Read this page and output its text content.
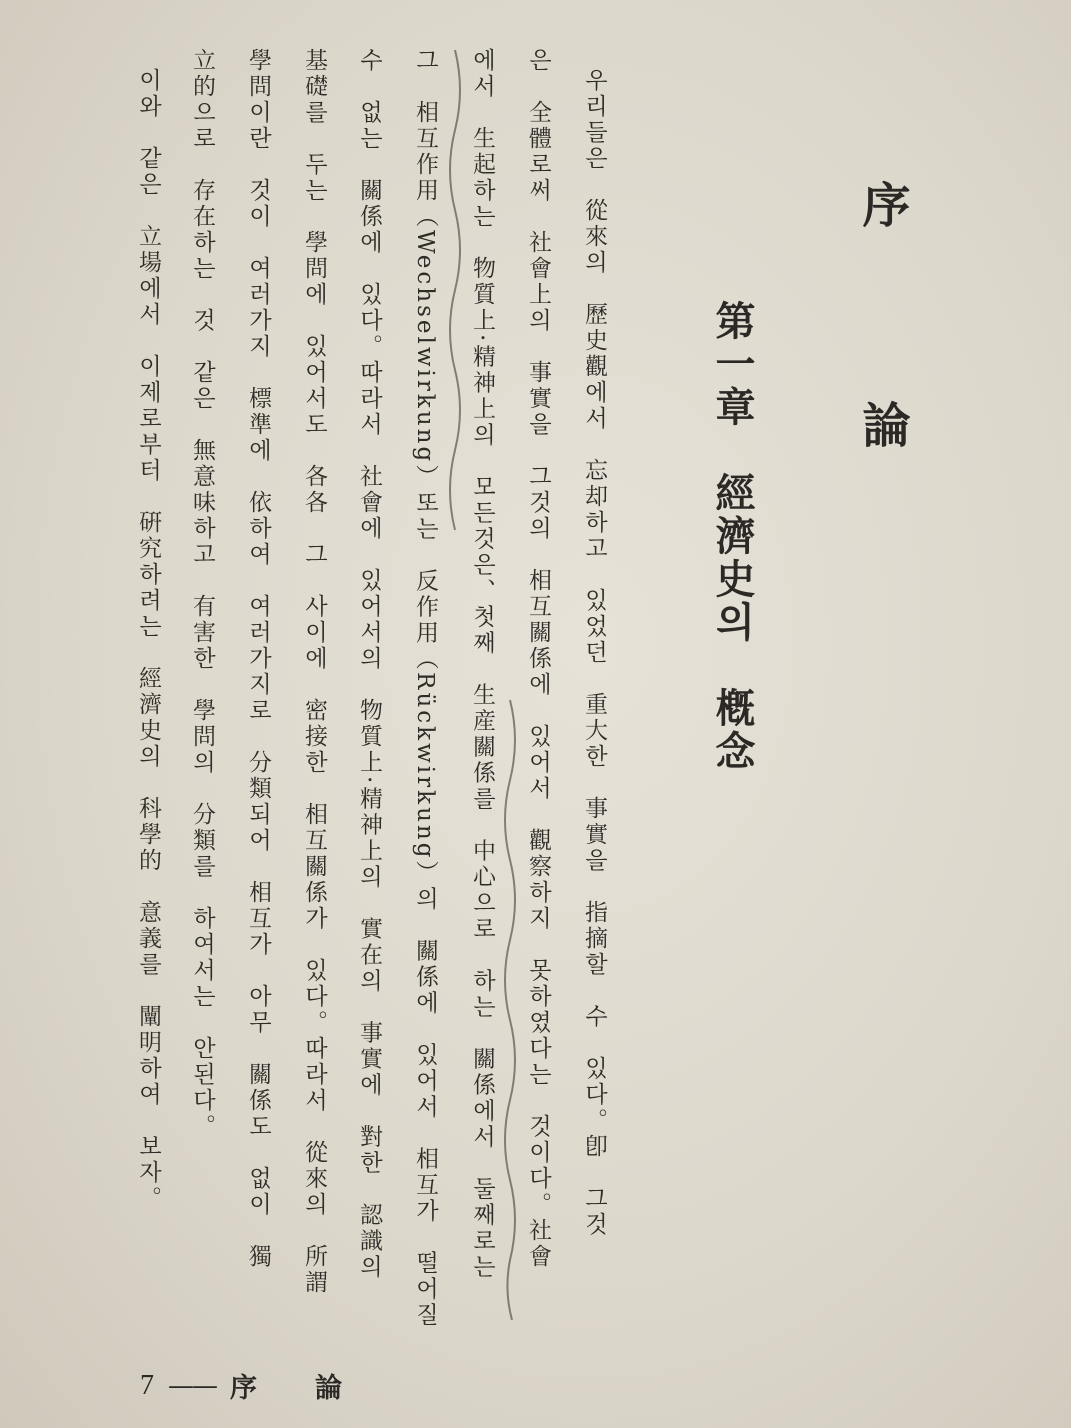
序　論
第一章　經濟史의　槪念
우리들은　從來의　歷史觀에서　忘却하고　있었던　重大한　事實을　指摘할　수　있다。卽　그것
은　全體로써　社會上의　事實을　그것의　相互關係에　있어서　觀察하지　못하였다는　것이다。社會
에서　生起하는　物質上·精神上의　모든것은、첫째　生産關係를　中心으로　하는　關係에서　둘째로는
그　相互作用（Wechselwirkung）또는　反作用（Rückwirkung）의　關係에　있어서　相互가　떨어질
수　없는　關係에　있다。따라서　社會에　있어서의　物質上·精神上의　實在의　事實에　對한　認識의
基礎를　두는　學問에　있어서도　各各　그　사이에　密接한　相互關係가　있다。따라서　從來의　所謂
學問이란　것이　여러가지　標準에　依하여　여러가지로　分類되어　相互가　아무　關係도　없이　獨
立的으로　存在하는　것　같은　無意味하고　有害한　學問의　分類를　하여서는　안된다。
이와　같은　立場에서　이제로부터　硏究하려는　經濟史의　科學的　意義를　闡明하여　보자。
7 —— 序論
